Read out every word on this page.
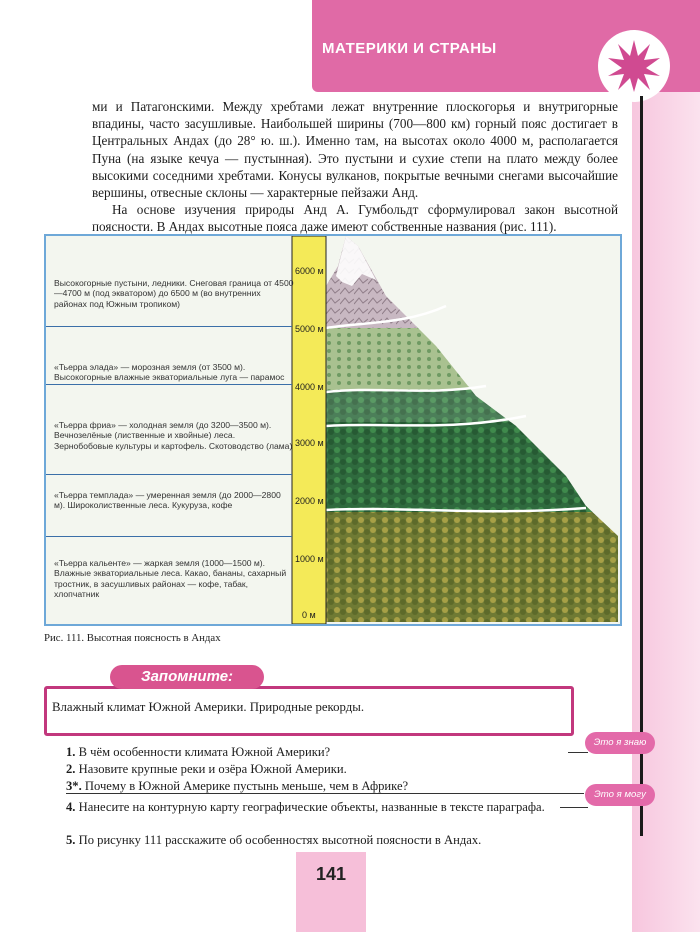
МАТЕРИКИ И СТРАНЫ

ми и Патагонскими. Между хребтами лежат внутренние плоскогорья и внутригорные впадины, часто засушливые. Наибольшей ширины (700—800 км) горный пояс достигает в Центральных Андах (до 28° ю. ш.). Именно там, на высотах около 4000 м, располагается Пуна (на языке кечуа — пустынная). Это пустыни и сухие степи на плато между более высокими соседними хребтами. Конусы вулканов, покрытые вечными снегами высочайшие вершины, отвесные склоны — характерные пейзажи Анд.

На основе изучения природы Анд А. Гумбольдт сформулировал закон высотной поясности. В Андах высотные пояса даже имеют собственные названия (рис. 111).

Высокогорные пустыни, ледники. Снеговая граница от 4500—4700 м (под экватором) до 6500 м (во внутренних районах под Южным тропиком)
«Тьерра элада» — морозная земля (от 3500 м). Высокогорные влажные экваториальные луга — парамос
«Тьерра фриа» — холодная земля (до 3200—3500 м). Вечнозелёные (лиственные и хвойные) леса. Зернобобовые культуры и картофель. Скотоводство (лама)
«Тьерра темплада» — умеренная земля (до 2000—2800 м). Широколиственные леса. Кукуруза, кофе
«Тьерра кальенте» — жаркая земля (1000—1500 м). Влажные экваториальные леса. Какао, бананы, сахарный тростник, в засушливых районах — кофе, табак, хлопчатник
6000 м
5000 м
4000 м
3000 м
2000 м
1000 м
0 м
Рис. 111. Высотная поясность в Андах
Запомните:
Влажный климат Южной Америки. Природные рекорды.
Это я знаю
Это я могу

1. В чём особенности климата Южной Америки?

2. Назовите крупные реки и озёра Южной Америки.

3*. Почему в Южной Америке пустынь меньше, чем в Африке?

4. Нанесите на контурную карту географические объекты, названные в тексте параграфа.

5. По рисунку 111 расскажите об особенностях высотной поясности в Андах.

141
